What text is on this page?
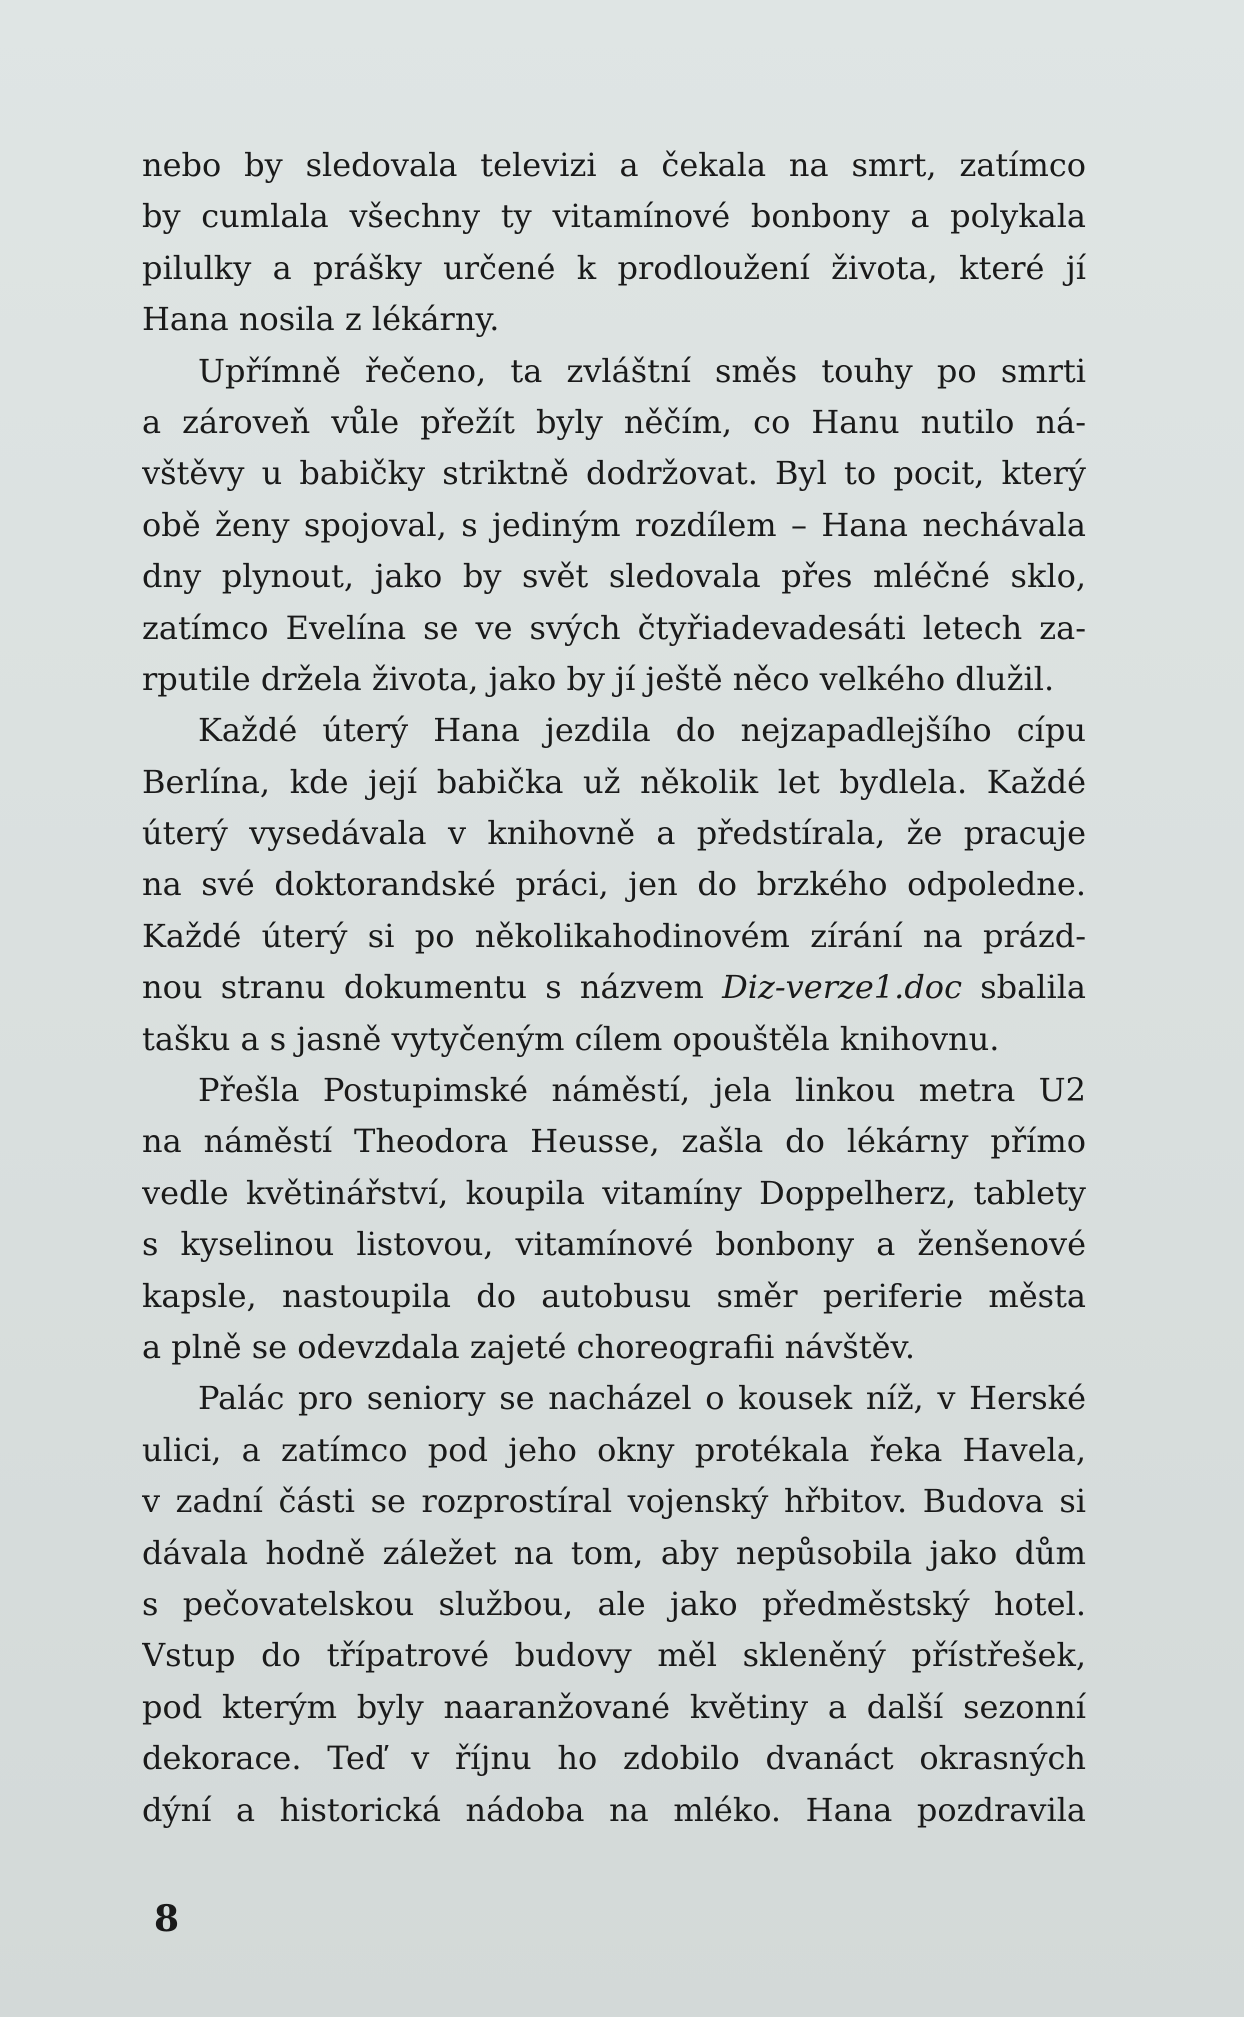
nebo by sledovala televizi a čekala na smrt, zatímco
by cumlala všechny ty vitamínové bonbony a polykala
pilulky a prášky určené k prodloužení života, které jí
Hana nosila z lékárny.
Upřímně řečeno, ta zvláštní směs touhy po smrti
a zároveň vůle přežít byly něčím, co Hanu nutilo ná-
vštěvy u babičky striktně dodržovat. Byl to pocit, který
obě ženy spojoval, s jediným rozdílem – Hana nechávala
dny plynout, jako by svět sledovala přes mléčné sklo,
zatímco Evelína se ve svých čtyřiadevadesáti letech za-
rputile držela života, jako by jí ještě něco velkého dlužil.
Každé úterý Hana jezdila do nejzapadlejšího cípu
Berlína, kde její babička už několik let bydlela. Každé
úterý vysedávala v knihovně a předstírala, že pracuje
na své doktorandské práci, jen do brzkého odpoledne.
Každé úterý si po několikahodinovém zírání na prázd-
nou stranu dokumentu s názvem Diz-verze1.doc sbalila
tašku a s jasně vytyčeným cílem opouštěla knihovnu.
Přešla Postupimské náměstí, jela linkou metra U2
na náměstí Theodora Heusse, zašla do lékárny přímo
vedle květinářství, koupila vitamíny Doppelherz, tablety
s kyselinou listovou, vitamínové bonbony a ženšenové
kapsle, nastoupila do autobusu směr periferie města
a plně se odevzdala zajeté choreografii návštěv.
Palác pro seniory se nacházel o kousek níž, v Herské
ulici, a zatímco pod jeho okny protékala řeka Havela,
v zadní části se rozprostíral vojenský hřbitov. Budova si
dávala hodně záležet na tom, aby nepůsobila jako dům
s pečovatelskou službou, ale jako předměstský hotel.
Vstup do třípatrové budovy měl skleněný přístřešek,
pod kterým byly naaranžované květiny a další sezonní
dekorace. Teď v říjnu ho zdobilo dvanáct okrasných
dýní a historická nádoba na mléko. Hana pozdravila
8
